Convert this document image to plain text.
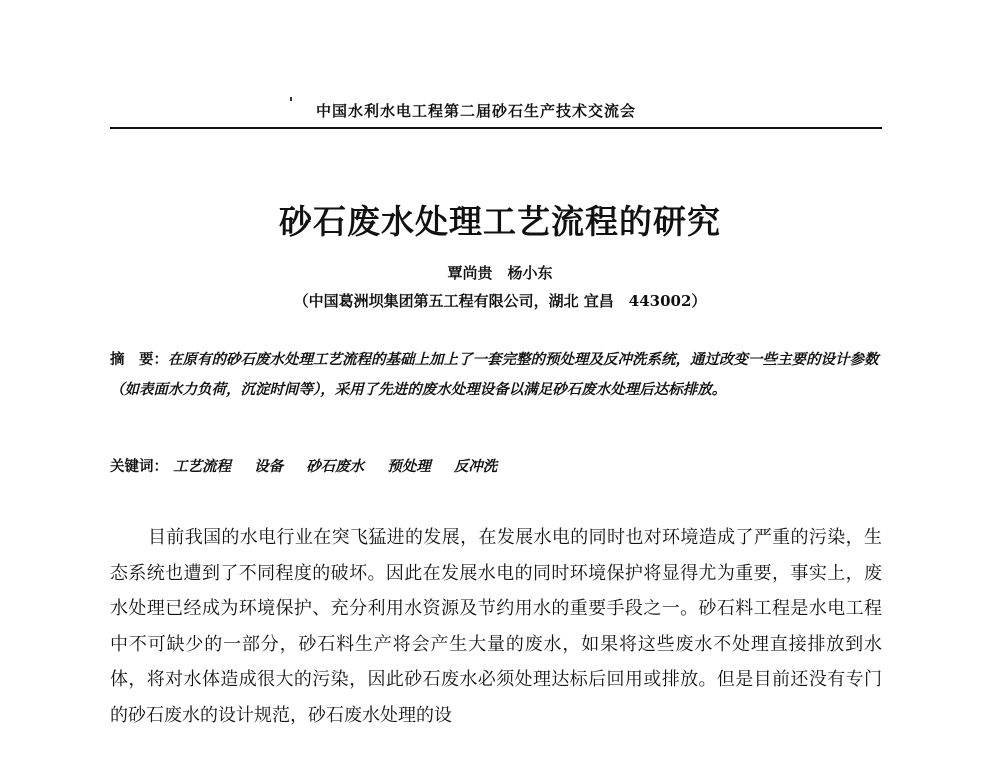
中国水利水电工程第二届砂石生产技术交流会
砂石废水处理工艺流程的研究
覃尚贵　杨小东
（中国葛洲坝集团第五工程有限公司，湖北 宜昌　443002）
摘　要：在原有的砂石废水处理工艺流程的基础上加上了一套完整的预处理及反冲洗系统，通过改变一些主要的设计参数（如表面水力负荷，沉淀时间等），采用了先进的废水处理设备以满足砂石废水处理后达标排放。
关键词： 工艺流程 设备 砂石废水 预处理 反冲洗
目前我国的水电行业在突飞猛进的发展，在发展水电的同时也对环境造成了严重的污染，生态系统也遭到了不同程度的破坏。因此在发展水电的同时环境保护将显得尤为重要，事实上，废水处理已经成为环境保护、充分利用水资源及节约用水的重要手段之一。砂石料工程是水电工程中不可缺少的一部分，砂石料生产将会产生大量的废水，如果将这些废水不处理直接排放到水体，将对水体造成很大的污染，因此砂石废水必须处理达标后回用或排放。但是目前还没有专门的砂石废水的设计规范，砂石废水处理的设
